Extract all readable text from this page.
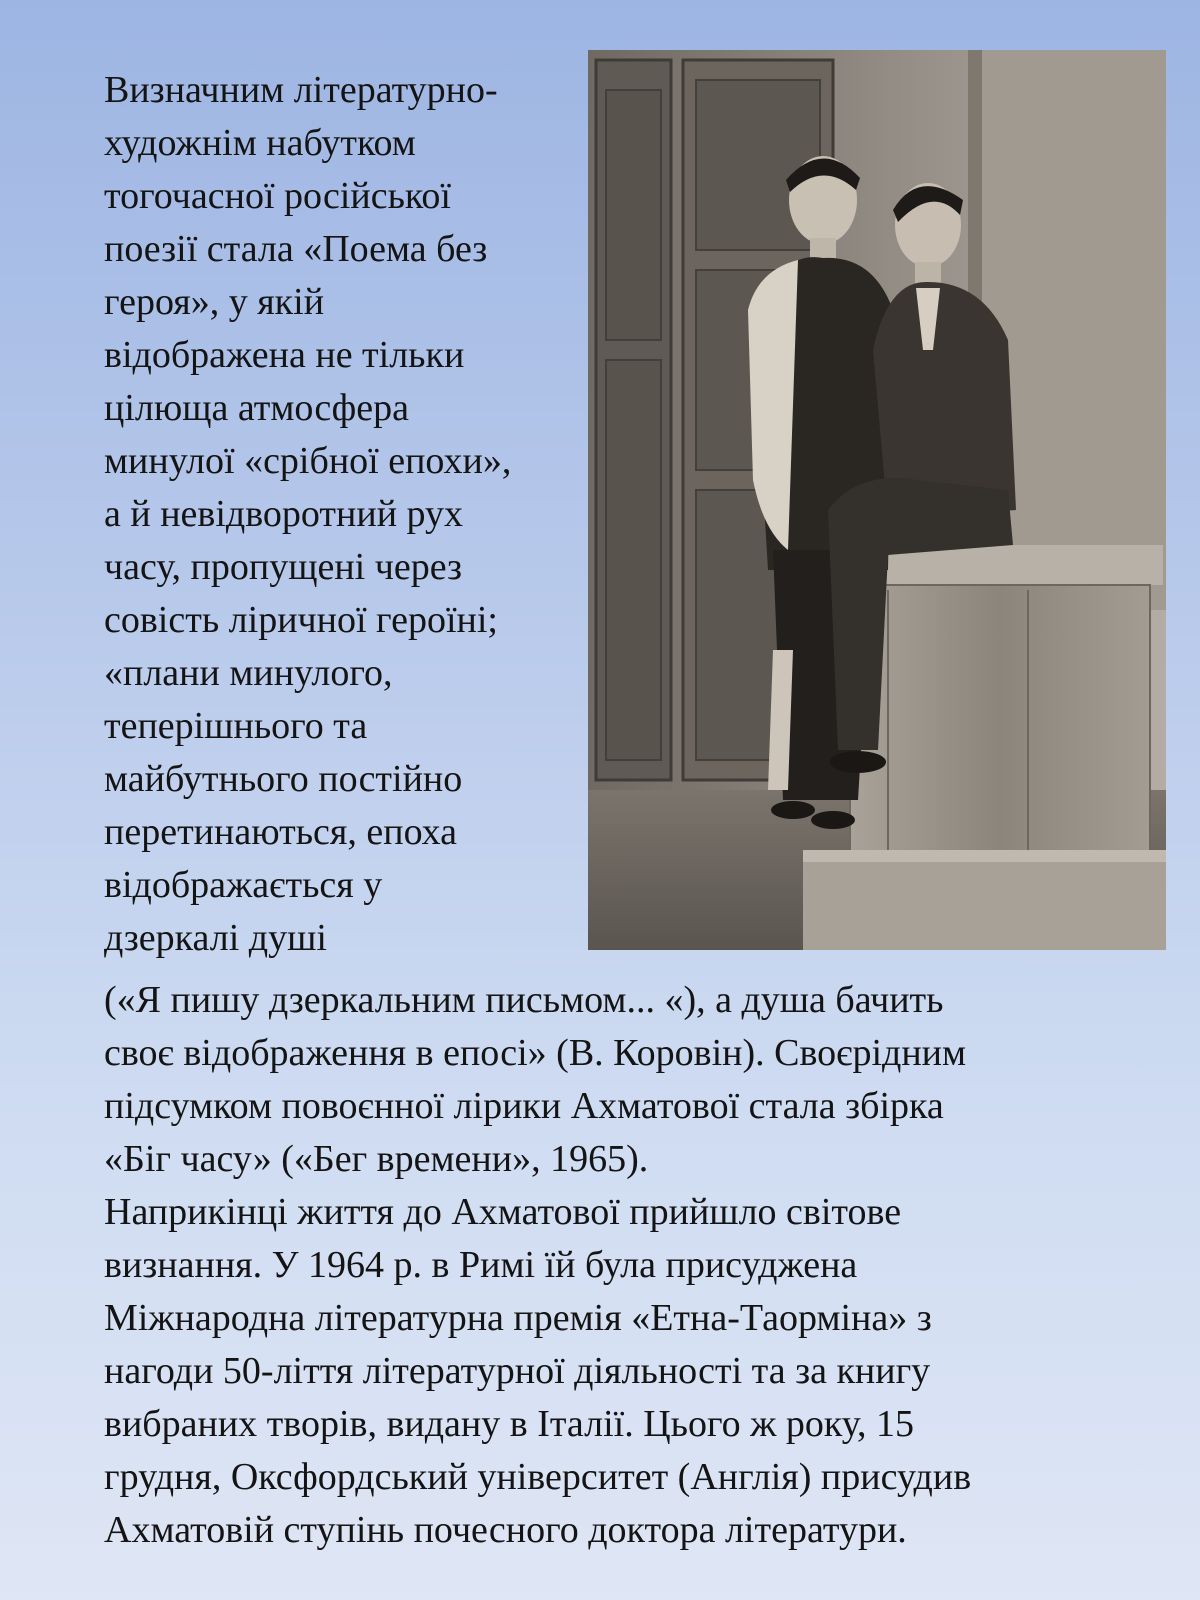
Визначним літературно-
художнім набутком
тогочасної російської
поезії стала «Поема без
героя», у якій
відображена не тільки
цілюща атмосфера
минулої «срібної епохи»,
а й невідворотний рух
часу, пропущені через
совість ліричної героїні;
«плани минулого,
теперішнього та
майбутнього постійно
перетинаються, епоха
відображається у
дзеркалі душі
(«Я пишу дзеркальним письмом... «), а душа бачить
своє відображення в епосі» (В. Коровін). Своєрідним
підсумком повоєнної лірики Ахматової стала збірка
«Біг часу» («Бег времени», 1965).
Наприкінці життя до Ахматової прийшло світове
визнання. У 1964 р. в Римі їй була присуджена
Міжнародна літературна премія «Етна-Таорміна» з
нагоди 50-ліття літературної діяльності та за книгу
вибраних творів, видану в Італії. Цього ж року, 15
грудня, Оксфордський університет (Англія) присудив
Ахматовій ступінь почесного доктора літератури.
